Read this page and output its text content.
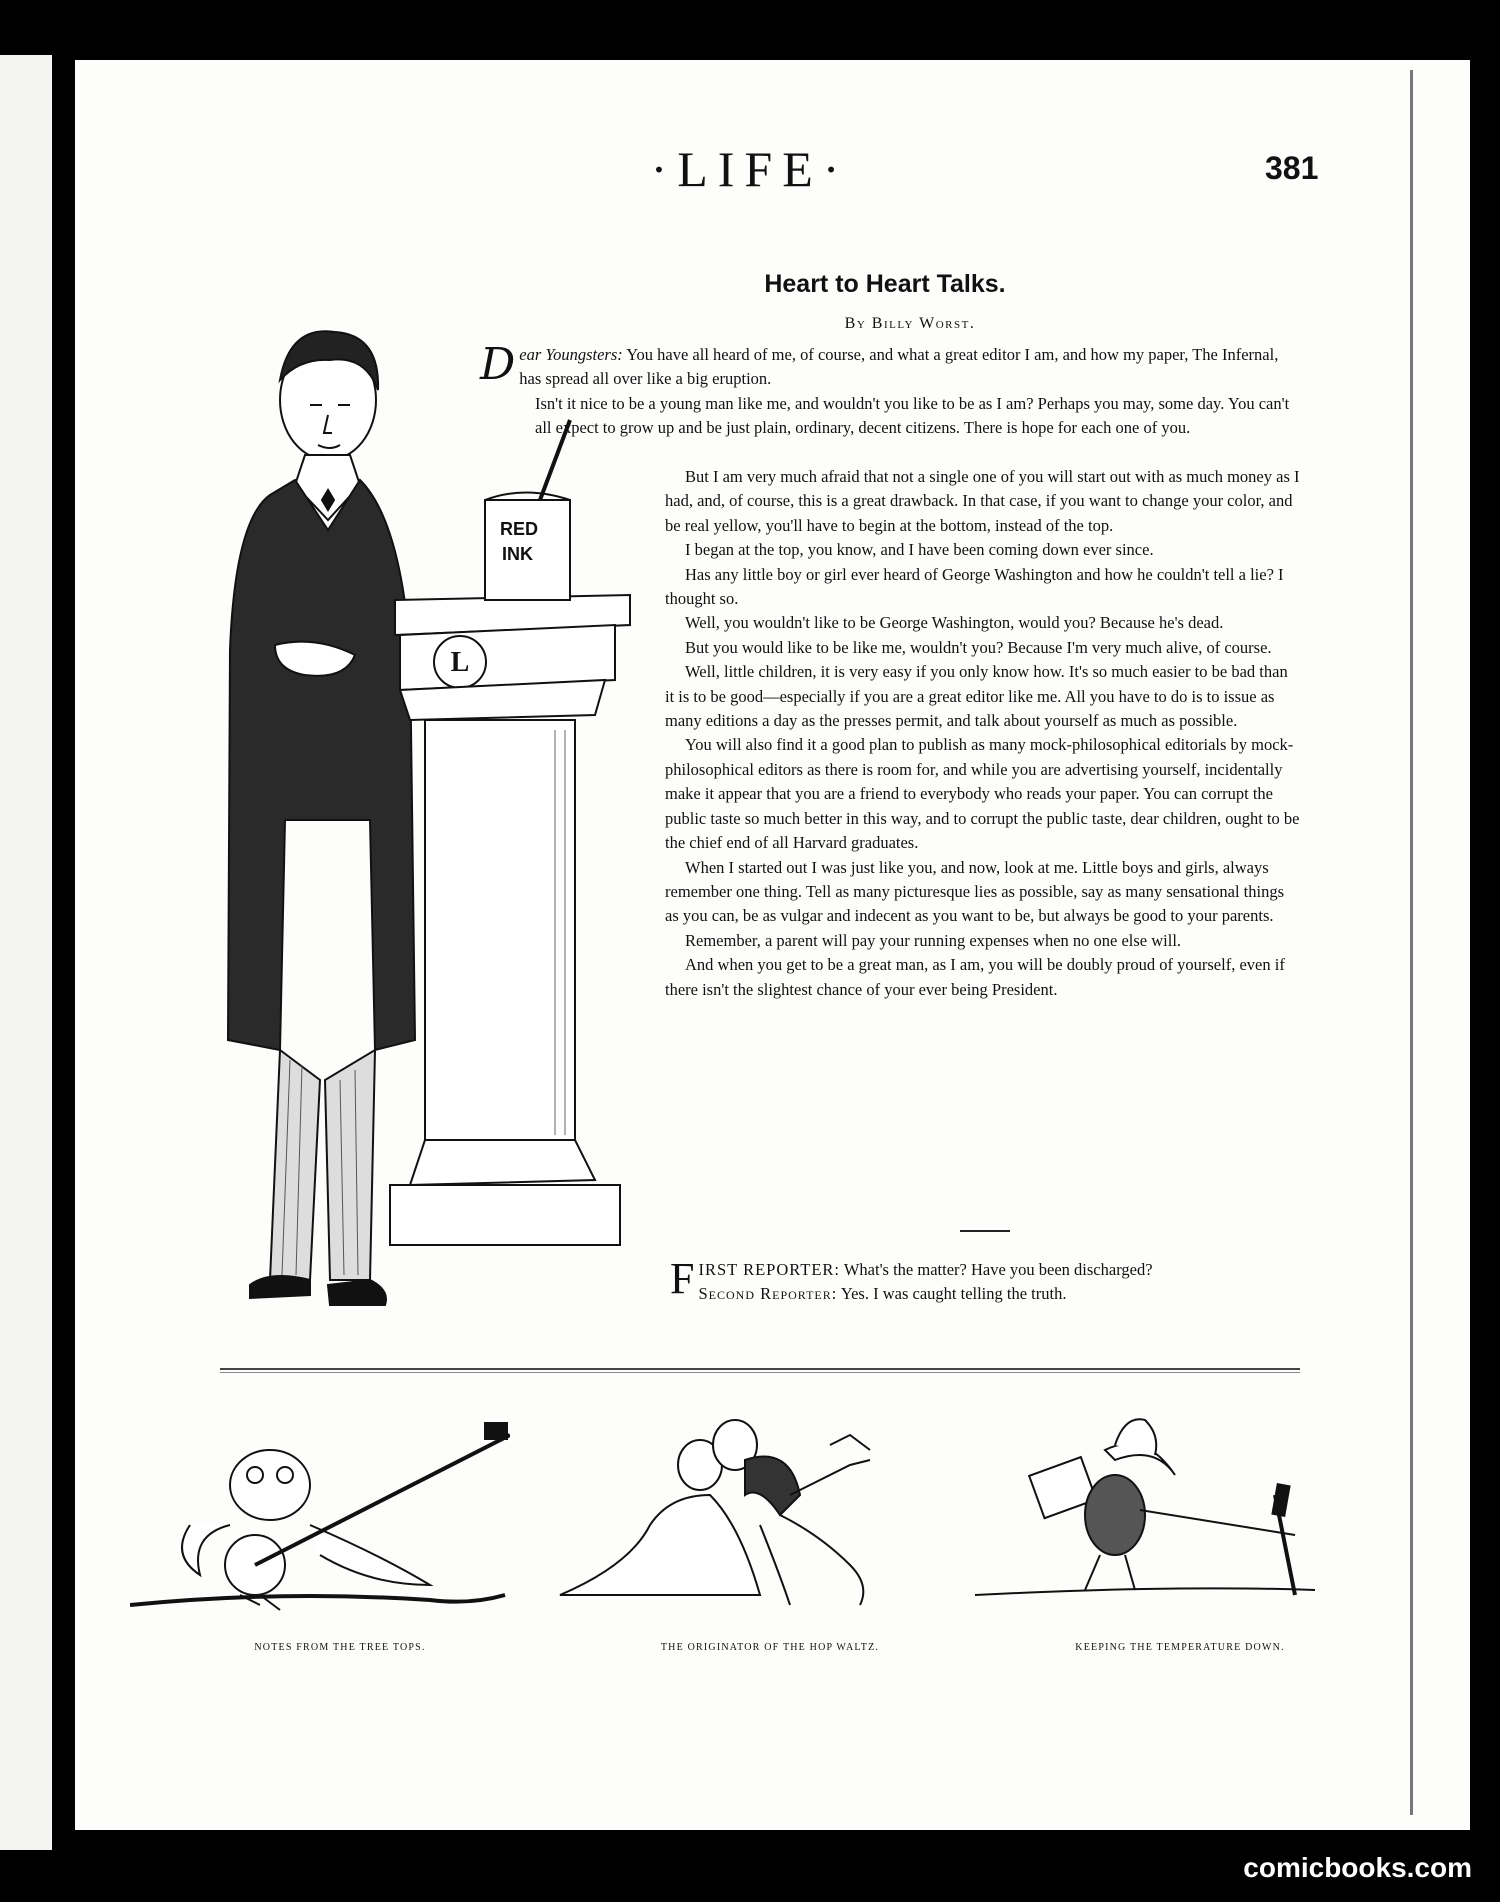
·LIFE·	381
Heart to Heart Talks.
By Billy Worst.
L
RED
INK
Dear Youngsters: You have all heard of me, of course, and what a great editor I am, and how my paper, The Infernal, has spread all over like a big eruption.

Isn't it nice to be a young man like me, and wouldn't you like to be as I am? Perhaps you may, some day. You can't all expect to grow up and be just plain, ordinary, decent citizens. There is hope for each one of you.

But I am very much afraid that not a single one of you will start out with as much money as I had, and, of course, this is a great drawback. In that case, if you want to change your color, and be real yellow, you'll have to begin at the bottom, instead of the top.

I began at the top, you know, and I have been coming down ever since.

Has any little boy or girl ever heard of George Washington and how he couldn't tell a lie? I thought so.

Well, you wouldn't like to be George Washington, would you? Because he's dead.

But you would like to be like me, wouldn't you? Because I'm very much alive, of course.

Well, little children, it is very easy if you only know how. It's so much easier to be bad than it is to be good—especially if you are a great editor like me. All you have to do is to issue as many editions a day as the presses permit, and talk about yourself as much as possible.

You will also find it a good plan to publish as many mock-philosophical editorials by mock-philosophical editors as there is room for, and while you are advertising yourself, incidentally make it appear that you are a friend to everybody who reads your paper. You can corrupt the public taste so much better in this way, and to corrupt the public taste, dear children, ought to be the chief end of all Harvard graduates.

When I started out I was just like you, and now, look at me. Little boys and girls, always remember one thing. Tell as many picturesque lies as possible, say as many sensational things as you can, be as vulgar and indecent as you want to be, but always be good to your parents.

Remember, a parent will pay your running expenses when no one else will.

And when you get to be a great man, as I am, you will be doubly proud of yourself, even if there isn't the slightest chance of your ever being President.

FIRST REPORTER: What's the matter? Have you been discharged?

Second Reporter: Yes. I was caught telling the truth.

NOTES FROM THE TREE TOPS.	THE ORIGINATOR OF THE HOP WALTZ.	KEEPING THE TEMPERATURE DOWN.
comicbooks.com
